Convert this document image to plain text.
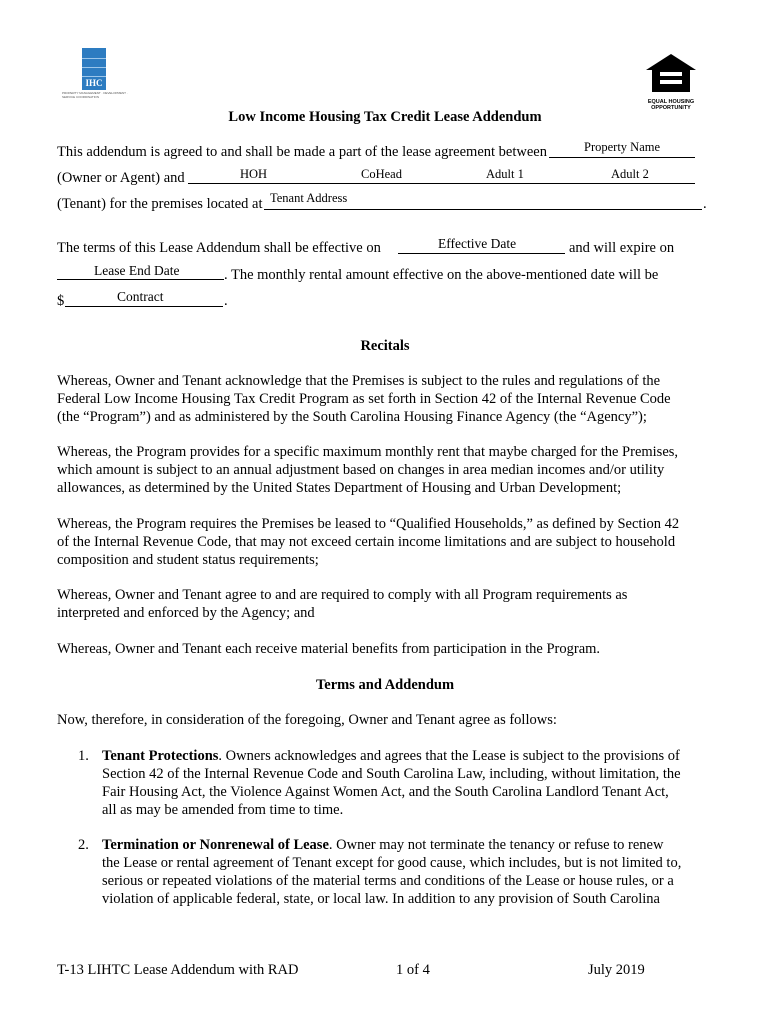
IHC
PROPERTY MANAGEMENT · DEVELOPMENT · SERVICE COORDINATION
EQUAL HOUSING
OPPORTUNITY
Low Income Housing Tax Credit Lease Addendum
This addendum is agreed to and shall be made a part of the lease agreement between	Property Name
(Owner or Agent) and	HOH	CoHead	Adult 1	Adult 2
(Tenant) for the premises located at Tenant Address	.
The terms of this Lease Addendum shall be effective on	Effective Date	and will expire on
Lease End Date	. The monthly rental amount effective on the above-mentioned date will be
$	Contract	.
Recitals
Whereas, Owner and Tenant acknowledge that the Premises is subject to the rules and regulations of the
Federal Low Income Housing Tax Credit Program as set forth in Section 42 of the Internal Revenue Code
(the “Program”) and as administered by the South Carolina Housing Finance Agency (the “Agency”);
Whereas, the Program provides for a specific maximum monthly rent that maybe charged for the Premises,
which amount is subject to an annual adjustment based on changes in area median incomes and/or utility
allowances, as determined by the United States Department of Housing and Urban Development;
Whereas, the Program requires the Premises be leased to “Qualified Households,” as defined by Section 42
of the Internal Revenue Code, that may not exceed certain income limitations and are subject to household
composition and student status requirements;
Whereas, Owner and Tenant agree to and are required to comply with all Program requirements as
interpreted and enforced by the Agency; and
Whereas, Owner and Tenant each receive material benefits from participation in the Program.
Terms and Addendum
Now, therefore, in consideration of the foregoing, Owner and Tenant agree as follows:
1. Tenant Protections. Owners acknowledges and agrees that the Lease is subject to the provisions of
Section 42 of the Internal Revenue Code and South Carolina Law, including, without limitation, the
Fair Housing Act, the Violence Against Women Act, and the South Carolina Landlord Tenant Act,
all as may be amended from time to time.
2. Termination or Nonrenewal of Lease. Owner may not terminate the tenancy or refuse to renew
the Lease or rental agreement of Tenant except for good cause, which includes, but is not limited to,
serious or repeated violations of the material terms and conditions of the Lease or house rules, or a
violation of applicable federal, state, or local law. In addition to any provision of South Carolina
T-13 LIHTC Lease Addendum with RAD	1 of 4	July 2019
